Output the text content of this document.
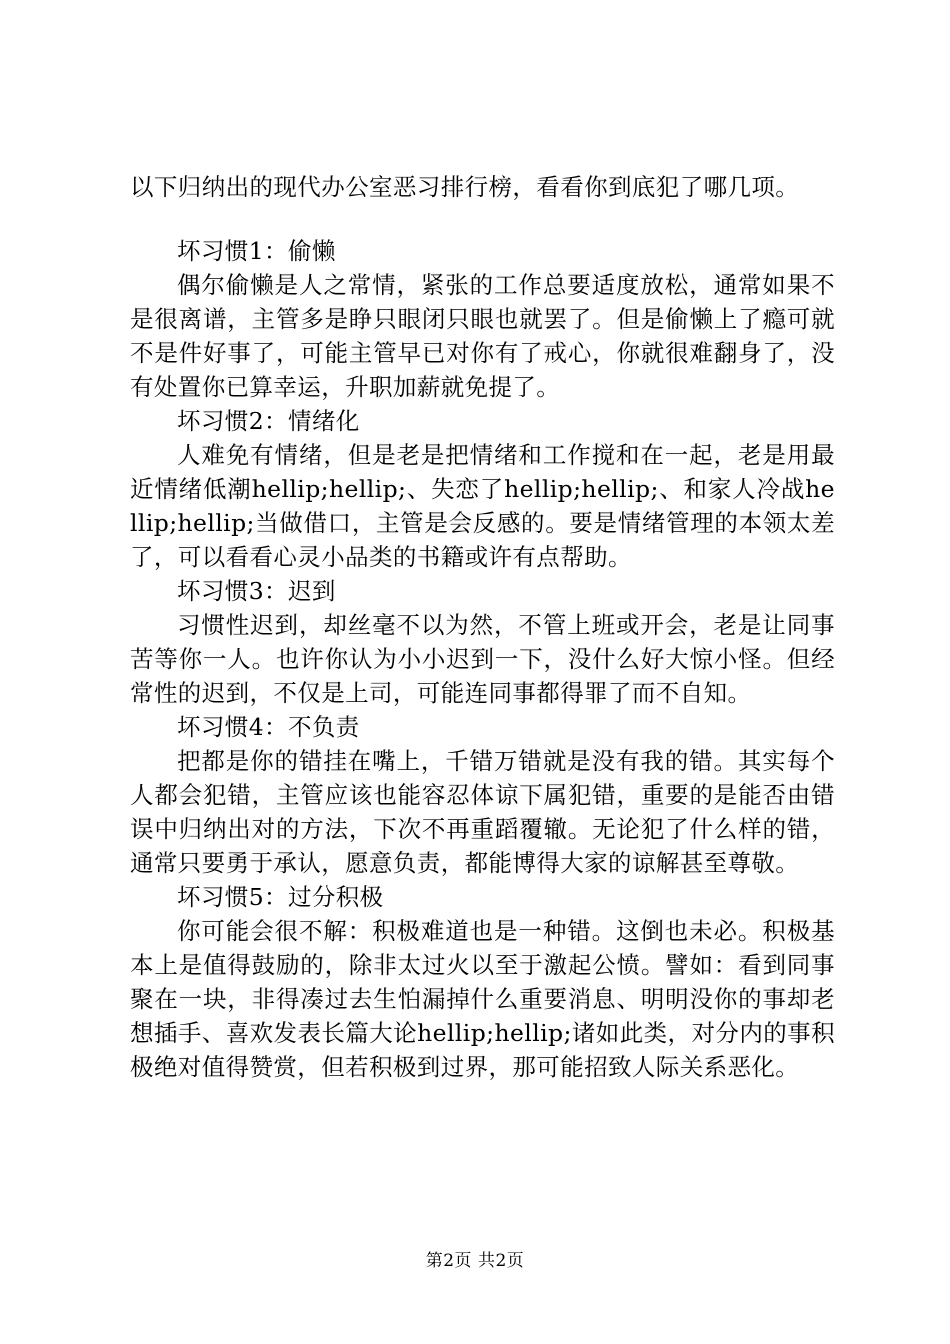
以下归纳出的现代办公室恶习排行榜，看看你到底犯了哪几项。

坏习惯1：偷懒

偶尔偷懒是人之常情，紧张的工作总要适度放松，通常如果不是很离谱，主管多是睁只眼闭只眼也就罢了。但是偷懒上了瘾可就不是件好事了，可能主管早已对你有了戒心，你就很难翻身了，没有处置你已算幸运，升职加薪就免提了。

坏习惯2：情绪化

人难免有情绪，但是老是把情绪和工作搅和在一起，老是用最近情绪低潮hellip;hellip;、失恋了hellip;hellip;、和家人冷战hellip;hellip;当做借口，主管是会反感的。要是情绪管理的本领太差了，可以看看心灵小品类的书籍或许有点帮助。

坏习惯3：迟到

习惯性迟到，却丝毫不以为然，不管上班或开会，老是让同事苦等你一人。也许你认为小小迟到一下，没什么好大惊小怪。但经常性的迟到，不仅是上司，可能连同事都得罪了而不自知。

坏习惯4：不负责

把都是你的错挂在嘴上，千错万错就是没有我的错。其实每个人都会犯错，主管应该也能容忍体谅下属犯错，重要的是能否由错误中归纳出对的方法，下次不再重蹈覆辙。无论犯了什么样的错，通常只要勇于承认，愿意负责，都能博得大家的谅解甚至尊敬。

坏习惯5：过分积极

你可能会很不解：积极难道也是一种错。这倒也未必。积极基本上是值得鼓励的，除非太过火以至于激起公愤。譬如：看到同事聚在一块，非得凑过去生怕漏掉什么重要消息、明明没你的事却老想插手、喜欢发表长篇大论hellip;hellip;诸如此类，对分内的事积极绝对值得赞赏，但若积极到过界，那可能招致人际关系恶化。

第2页 共2页
